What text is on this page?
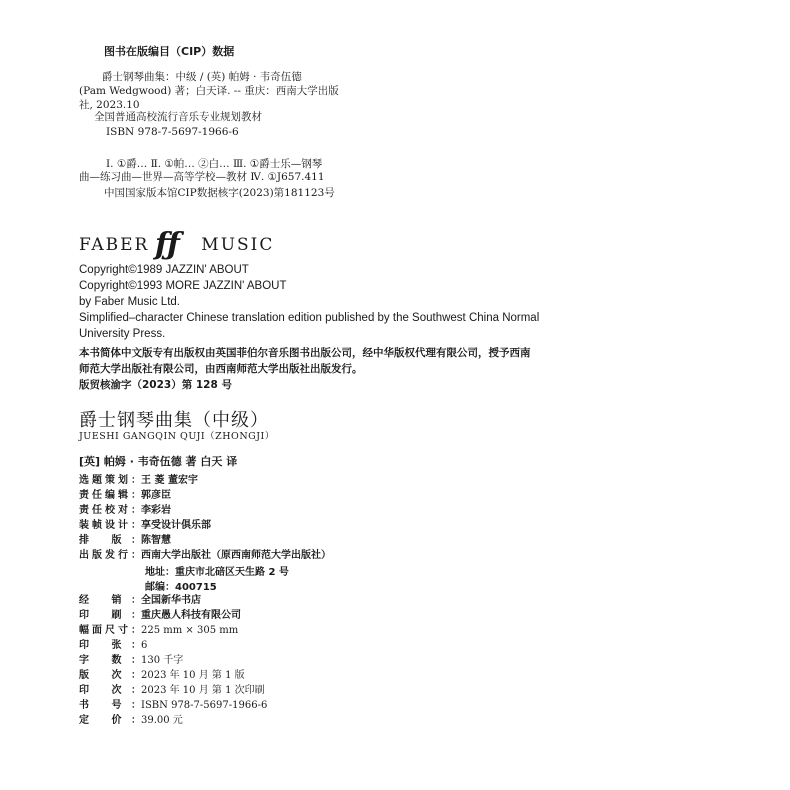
图书在版编目（CIP）数据
爵士钢琴曲集：中级 / (英) 帕姆 · 韦奇伍德
(Pam Wedgwood) 著；白天译. -- 重庆：西南大学出版
社, 2023.10
全国普通高校流行音乐专业规划教材
ISBN 978-7-5697-1966-6
Ⅰ. ①爵… Ⅱ. ①帕… ②白… Ⅲ. ①爵士乐—钢琴
曲—练习曲—世界—高等学校—教材 Ⅳ. ①J657.411
中国国家版本馆CIP数据核字(2023)第181123号
FABER ƒƒ	MUSIC
Copyright©1989 JAZZIN' ABOUT
Copyright©1993 MORE JAZZIN' ABOUT
by Faber Music Ltd.
Simplified–character Chinese translation edition published by the Southwest China Normal
University Press.
本书简体中文版专有出版权由英国菲伯尔音乐图书出版公司，经中华版权代理有限公司，授予西南
师范大学出版社有限公司，由西南师范大学出版社出版发行。
版贸核渝字（2023）第 128 号
爵士钢琴曲集（中级）
JUESHI GANGQIN QUJI（ZHONGJI）
[英] 帕姆 · 韦奇伍德 著 白天 译
选题策划： 王 菱 董宏宇
责任编辑： 郭彦臣
责任校对： 李彩岩
装帧设计： 享受设计俱乐部
排 版： 陈智慧
出版发行： 西南大学出版社（原西南师范大学出版社）
地址：重庆市北碚区天生路 2 号
邮编：400715
经 销： 全国新华书店
印 刷： 重庆愚人科技有限公司
幅面尺寸： 225 mm × 305 mm
印 张： 6
字 数： 130 千字
版 次： 2023 年 10 月 第 1 版
印 次： 2023 年 10 月 第 1 次印刷
书 号： ISBN 978-7-5697-1966-6
定 价： 39.00 元
